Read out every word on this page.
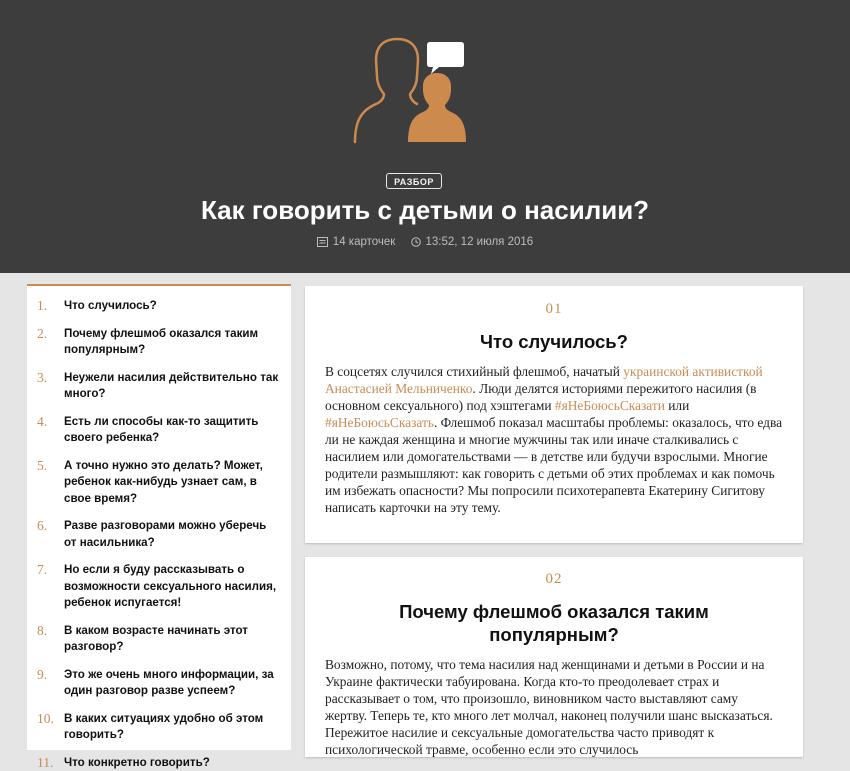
РАЗБОР
Как говорить с детьми о насилии?
14 карточек	13:52, 12 июля 2016
1.	Что случилось?
2.	Почему флешмоб оказался таким популярным?
3.	Неужели насилия действительно так много?
4.	Есть ли способы как-то защитить своего ребенка?
5.	А точно нужно это делать? Может, ребенок как-нибудь узнает сам, в свое время?
6.	Разве разговорами можно уберечь от насильника?
7.	Но если я буду рассказывать о возможности сексуального насилия, ребенок испугается!
8.	В каком возрасте начинать этот разговор?
9.	Это же очень много информации, за один разговор разве успеем?
10. В каких ситуациях удобно об этом говорить?
11. Что конкретно говорить?
01
Что случилось?

В соцсетях случился стихийный флешмоб, начатый украинской активисткой Анастасией Мельниченко. Люди делятся историями пережитого насилия (в основном сексуального) под хэштегами #яНеБоюсьСказати или #яНеБоюсьСказать. Флешмоб показал масштабы проблемы: оказалось, что едва ли не каждая женщина и многие мужчины так или иначе сталкивались с насилием или домогательствами — в детстве или будучи взрослыми. Многие родители размышляют: как говорить с детьми об этих проблемах и как помочь им избежать опасности? Мы попросили психотерапевта Екатерину Сигитову написать карточки на эту тему.

02
Почему флешмоб оказался таким популярным?

Возможно, потому, что тема насилия над женщинами и детьми в России и на Украине фактически табуирована. Когда кто-то преодолевает страх и рассказывает о том, что произошло, виновником часто выставляют саму жертву. Теперь те, кто много лет молчал, наконец получили шанс высказаться. Пережитое насилие и сексуальные домогательства часто приводят к психологической травме, особенно если это случилось
